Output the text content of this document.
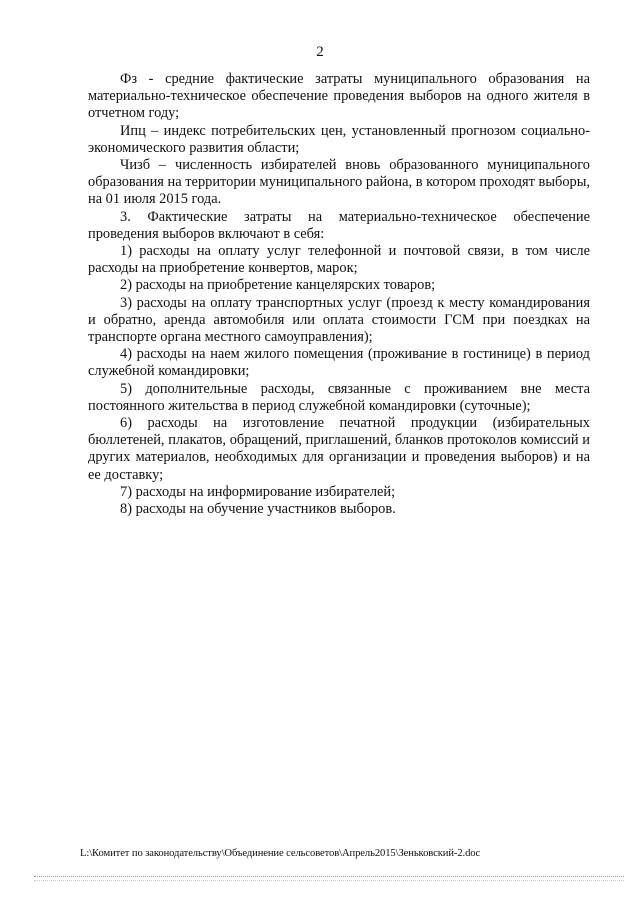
2

Фз - средние фактические затраты муниципального образования на материально-техническое обеспечение проведения выборов на одного жителя в отчетном году;

Ипц – индекс потребительских цен, установленный прогнозом социально-экономического развития области;

Чизб – численность избирателей вновь образованного муниципального образования на территории муниципального района, в котором проходят выборы, на 01 июля 2015 года.

3. Фактические затраты на материально-техническое обеспечение проведения выборов включают в себя:

1) расходы на оплату услуг телефонной и почтовой связи, в том числе расходы на приобретение конвертов, марок;

2) расходы на приобретение канцелярских товаров;

3) расходы на оплату транспортных услуг (проезд к месту командирования и обратно, аренда автомобиля или оплата стоимости ГСМ при поездках на транспорте органа местного самоуправления);

4) расходы на наем жилого помещения (проживание в гостинице) в период служебной командировки;

5) дополнительные расходы, связанные с проживанием вне места постоянного жительства в период служебной командировки (суточные);

6) расходы на изготовление печатной продукции (избирательных бюллетеней, плакатов, обращений, приглашений, бланков протоколов комиссий и других материалов, необходимых для организации и проведения выборов) и на ее доставку;

7) расходы на информирование избирателей;

8) расходы на обучение участников выборов.

L:\Комитет по законодательству\Объединение сельсоветов\Апрель2015\Зеньковский-2.doc
